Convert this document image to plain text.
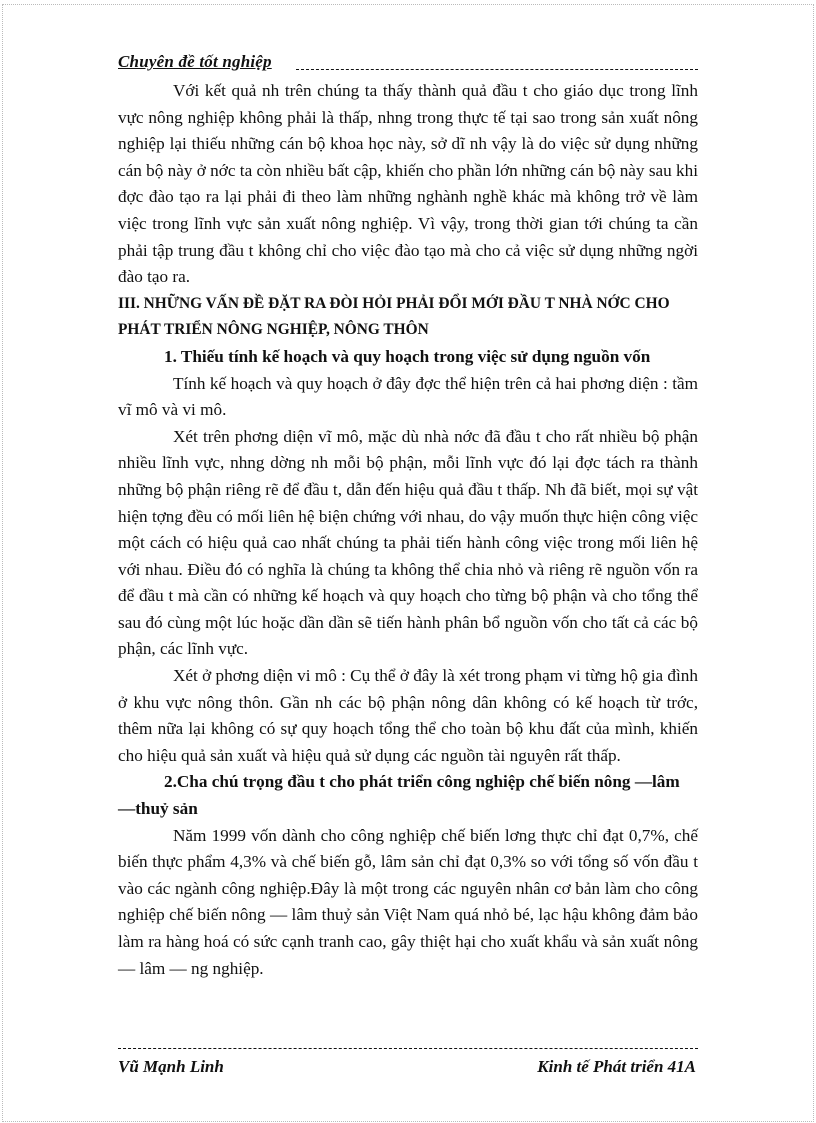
Chuyên đề tốt nghiệp

Với kết quả nh trên chúng ta thấy thành quả đầu t cho giáo dục trong lĩnh vực nông nghiệp không phải là thấp, nhng trong thực tế tại sao trong sản xuất nông nghiệp lại thiếu những cán bộ khoa học này, sở dĩ nh vậy là do việc sử dụng những cán bộ này ở nớc ta còn nhiều bất cập, khiến cho phần lớn những cán bộ này sau khi đợc đào tạo ra lại phải đi theo làm những nghành nghề khác mà không trở về làm việc trong lĩnh vực sản xuất nông nghiệp. Vì vậy, trong thời gian tới chúng ta cần phải tập trung đầu t không chỉ cho việc đào tạo mà cho cả việc sử dụng những ngời đào tạo ra.

III. NHỮNG VẤN ĐỀ ĐẶT RA ĐÒI HỎI PHẢI ĐỔI MỚI ĐẦU T NHÀ NỚC CHO PHÁT TRIỂN NÔNG NGHIỆP, NÔNG THÔN

1. Thiếu tính kế hoạch và quy hoạch trong việc sử dụng nguồn vốn

Tính kế hoạch và quy hoạch ở đây đợc thể hiện trên cả hai phơng diện : tầm vĩ mô và vi mô.

Xét trên phơng diện vĩ mô, mặc dù nhà nớc đã đầu t cho rất nhiều bộ phận nhiều lĩnh vực, nhng dờng nh mỗi bộ phận, mỗi lĩnh vực đó lại đợc tách ra thành những bộ phận riêng rẽ để đầu t, dẫn đến hiệu quả đầu t thấp. Nh đã biết, mọi sự vật hiện tợng đều có mối liên hệ biện chứng với nhau, do vậy muốn thực hiện công việc một cách có hiệu quả cao nhất chúng ta phải tiến hành công việc trong mối liên hệ với nhau. Điều đó có nghĩa là chúng ta không thể chia nhỏ và riêng rẽ nguồn vốn ra để đầu t mà cần có những kế hoạch và quy hoạch cho từng bộ phận và cho tổng thể sau đó cùng một lúc hoặc dần dần sẽ tiến hành phân bổ nguồn vốn cho tất cả các bộ phận, các lĩnh vực.

Xét ở phơng diện vi mô : Cụ thể ở đây là xét trong phạm vi từng hộ gia đình ở khu vực nông thôn. Gần nh các bộ phận nông dân không có kế hoạch từ trớc, thêm nữa lại không có sự quy hoạch tổng thể cho toàn bộ khu đất của mình, khiến cho hiệu quả sản xuất và hiệu quả sử dụng các nguồn tài nguyên rất thấp.

2.Cha chú trọng đầu t cho phát triển công nghiệp chế biến nông —lâm —thuỷ sản

Năm 1999 vốn dành cho công nghiệp chế biến lơng thực chỉ đạt 0,7%, chế biến thực phẩm 4,3% và chế biến gỗ, lâm sản chỉ đạt 0,3% so với tổng số vốn đầu t vào các ngành công nghiệp.Đây là một trong các nguyên nhân cơ bản làm cho công nghiệp chế biến nông — lâm thuỷ sản Việt Nam quá nhỏ bé, lạc hậu không đảm bảo làm ra hàng hoá có sức cạnh tranh cao, gây thiệt hại cho xuất khẩu và sản xuất nông — lâm — ng nghiệp.

Vũ Mạnh Linh	Kinh tế Phát triển 41A
